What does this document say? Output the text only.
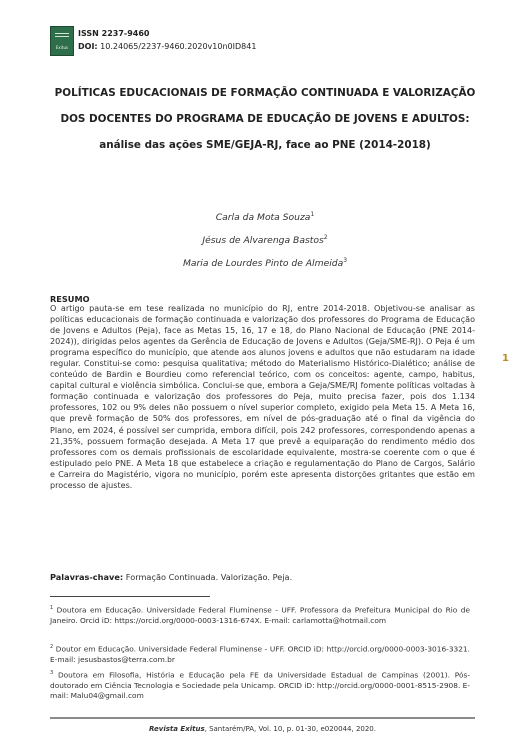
Exitus
ISSN 2237-9460
DOI: 10.24065/2237-9460.2020v10n0ID841
POLÍTICAS EDUCACIONAIS DE FORMAÇÃO CONTINUADA E VALORIZAÇÃO DOS DOCENTES DO PROGRAMA DE EDUCAÇÃO DE JOVENS E ADULTOS: análise das ações SME/GEJA-RJ, face ao PNE (2014-2018)
Carla da Mota Souza$^1$
Jésus de Alvarenga Bastos$^2$
Maria de Lourdes Pinto de Almeida$^3$
RESUMO

O artigo pauta-se em tese realizada no município do RJ, entre 2014-2018. Objetivou-se analisar as políticas educacionais de formação continuada e valorização dos professores do Programa de Educação de Jovens e Adultos (Peja), face as Metas 15, 16, 17 e 18, do Plano Nacional de Educação (PNE 2014-2024)), dirigidas pelos agentes da Gerência de Educação de Jovens e Adultos (Geja/SME-RJ). O Peja é um programa específico do município, que atende aos alunos jovens e adultos que não estudaram na idade regular. Constitui-se como: pesquisa qualitativa; método do Materialismo Histórico-Dialético; análise de conteúdo de Bardin e Bourdieu como referencial teórico, com os conceitos: agente, campo, habitus, capital cultural e violência simbólica. Conclui-se que, embora a Geja/SME/RJ fomente políticas voltadas à formação continuada e valorização dos professores do Peja, muito precisa fazer, pois dos 1.134 professores, 102 ou 9% deles não possuem o nível superior completo, exigido pela Meta 15. A Meta 16, que prevê formação de 50% dos professores, em nível de pós-graduação até o final da vigência do Plano, em 2024, é possível ser cumprida, embora difícil, pois 242 professores, correspondendo apenas a 21,35%, possuem formação desejada. A Meta 17 que prevê a equiparação do rendimento médio dos professores com os demais profissionais de escolaridade equivalente, mostra-se coerente com o que é estipulado pelo PNE. A Meta 18 que estabelece a criação e regulamentação do Plano de Cargos, Salário e Carreira do Magistério, vigora no município, porém este apresenta distorções gritantes que estão em processo de ajustes.

1
Palavras-chave: Formação Continuada. Valorização. Peja.

$^1$ Doutora em Educação. Universidade Federal Fluminense - UFF. Professora da Prefeitura Municipal do Rio de Janeiro. Orcid iD: https://orcid.org/0000-0003-1316-674X. E-mail: carlamotta@hotmail.com

$^2$ Doutor em Educação. Universidade Federal Fluminense - UFF. ORCID iD: http://orcid.org/0000-0003-3016-3321. E-mail: jesusbastos@terra.com.br

$^3$ Doutora em Filosofia, História e Educação pela FE da Universidade Estadual de Campinas (2001). Pós-doutorado em Ciência Tecnologia e Sociedade pela Unicamp. ORCID iD: http://orcid.org/0000-0001-8515-2908. E-mail: Malu04@gmail.com

Revista Exitus, Santarém/PA, Vol. 10, p. 01-30, e020044, 2020.
